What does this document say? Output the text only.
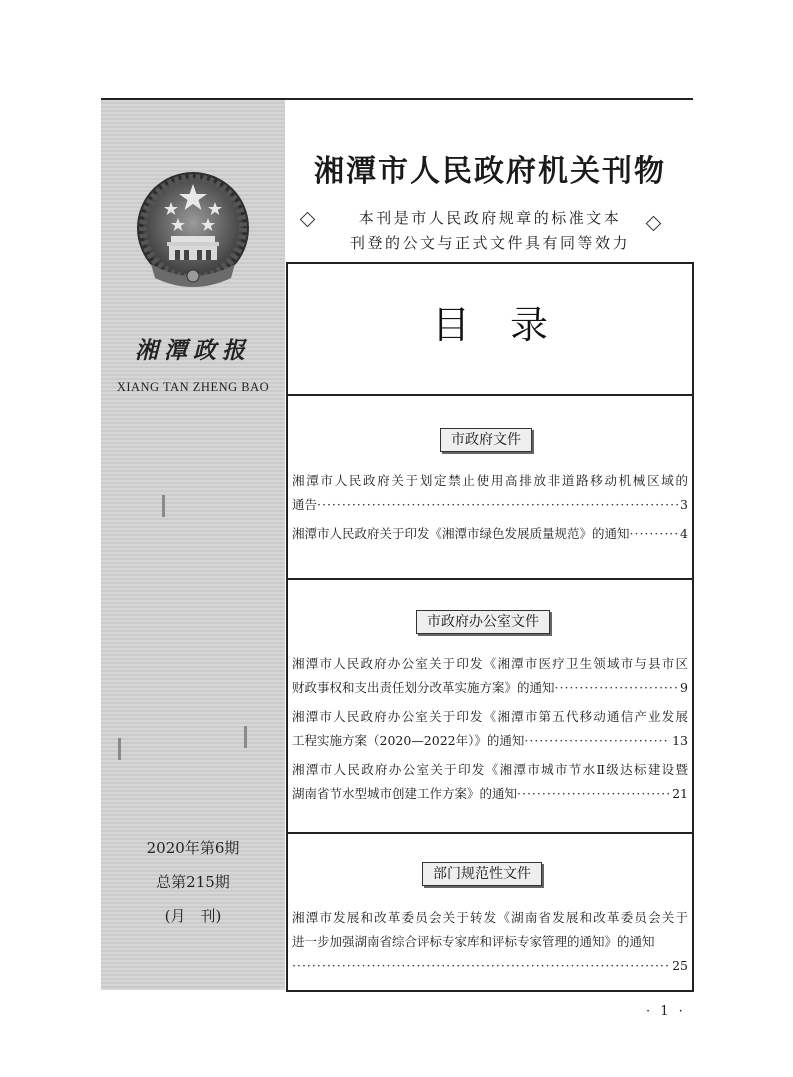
湘潭政报
XIANG TAN ZHENG BAO
2020年第6期
总第215期
(月　刊)
湘潭市人民政府机关刊物
本刊是市人民政府规章的标准文本
刊登的公文与正式文件具有同等效力
目录
市政府文件
湘潭市人民政府关于划定禁止使用高排放非道路移动机械区域的
通告 ·····	3
湘潭市人民政府关于印发《湘潭市绿色发展质量规范》的通知 ·····	4
市政府办公室文件
湘潭市人民政府办公室关于印发《湘潭市医疗卫生领域市与县市区
财政事权和支出责任划分改革实施方案》的通知 ·····	9
湘潭市人民政府办公室关于印发《湘潭市第五代移动通信产业发展
工程实施方案（2020—2022年）》的通知 ·····	13
湘潭市人民政府办公室关于印发《湘潭市城市节水Ⅱ级达标建设暨
湖南省节水型城市创建工作方案》的通知 ·····	21
部门规范性文件
湘潭市发展和改革委员会关于转发《湖南省发展和改革委员会关于
进一步加强湖南省综合评标专家库和评标专家管理的通知》的通知
·····
25
· 1 ·
